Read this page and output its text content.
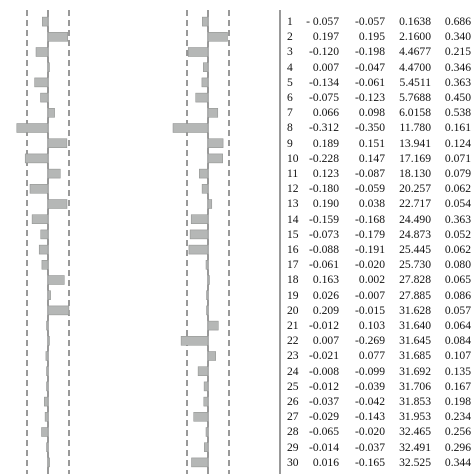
1	- 0.057	-0.057	0.1638	0.686
2	0.197	0.195	2.1600	0.340
3	-0.120	-0.198	4.4677	0.215
4	0.007	-0.047	4.4700	0.346
5	-0.134	-0.061	5.4511	0.363
6	-0.075	-0.123	5.7688	0.450
7	0.066	0.098	6.0158	0.538
8	-0.312	-0.350	11.780	0.161
9	0.189	0.151	13.941	0.124
10 -0.228	0.147	17.169	0.071
11	0.123	-0.087	18.130	0.079
12 -0.180	-0.059	20.257	0.062
13	0.190	0.038	22.717	0.054
14 -0.159	-0.168	24.490	0.363
15 -0.073	-0.179	24.873	0.052
16 -0.088	-0.191	25.445	0.062
17 -0.061	-0.020	25.730	0.080
18	0.163	0.002	27.828	0.065
19	0.026	-0.007	27.885	0.086
20	0.209	-0.015	31.628	0.057
21 -0.012	0.103	31.640	0.064
22	0.007	-0.269	31.645	0.084
23 -0.021	0.077	31.685	0.107
24 -0.008	-0.099	31.692	0.135
25 -0.012	-0.039	31.706	0.167
26 -0.037	-0.042	31.853	0.198
27 -0.029	-0.143	31.953	0.234
28 -0.065	-0.020	32.465	0.256
29 -0.014	-0.037	32.491	0.296
30	0.016	-0.165	32.525	0.344
